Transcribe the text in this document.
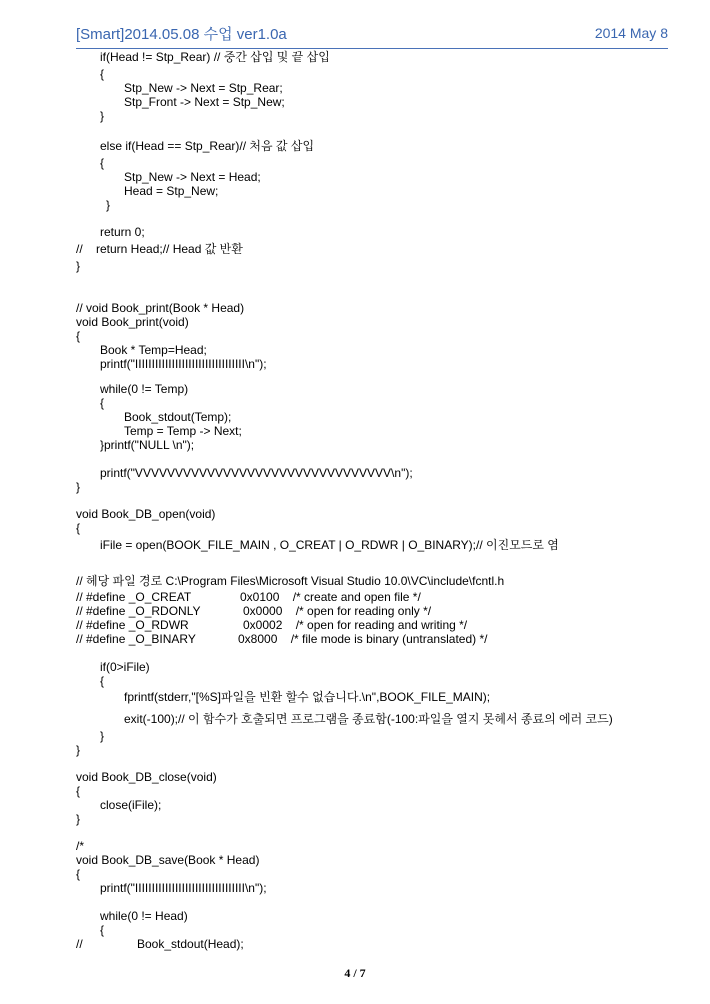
[Smart]2014.05.08 수업 ver1.0a	2014 May 8
if(Head != Stp_Rear) // 중간 삽입 및 끝 삽입
{
Stp_New -> Next = Stp_Rear;
Stp_Front -> Next = Stp_New;
}
else if(Head == Stp_Rear)// 처음 값 삽입
{
Stp_New -> Next = Head;
Head = Stp_New;
}
return 0;
//    return Head;// Head 값 반환
}
// void Book_print(Book * Head)
void Book_print(void)
{
Book * Temp=Head;
printf("IIIIIIIIIIIIIIIIIIIIIIIIIIIIIIIII\n");
while(0 != Temp)
{
Book_stdout(Temp);
Temp = Temp -> Next;
}printf("NULL \n");
printf("VVVVVVVVVVVVVVVVVVVVVVVVVVVVVVVV\n");
}
void Book_DB_open(void)
{
iFile = open(BOOK_FILE_MAIN , O_CREAT | O_RDWR | O_BINARY);// 이진모드로 염
// 헤당 파일 경로 C:\Program Files\Microsoft Visual Studio 10.0\VC\include\fcntl.h
// #define _O_CREAT	0x0100    /* create and open file */
// #define _O_RDONLY	0x0000    /* open for reading only */
// #define _O_RDWR	0x0002    /* open for reading and writing */
// #define _O_BINARY	0x8000    /* file mode is binary (untranslated) */
if(0>iFile)
{
fprintf(stderr,"[%S]파일을 빈환 할수 없습니다.\n",BOOK_FILE_MAIN);
exit(-100);// 이 함수가 호출되면 프로그램을 종료함(-100:파일을 열지 못헤서 종료의 에러 코드)
}
}
void Book_DB_close(void)
{
close(iFile);
}
/*
void Book_DB_save(Book * Head)
{
printf("IIIIIIIIIIIIIIIIIIIIIIIIIIIIIIIII\n");
while(0 != Head)
{
//	Book_stdout(Head);
4 / 7
